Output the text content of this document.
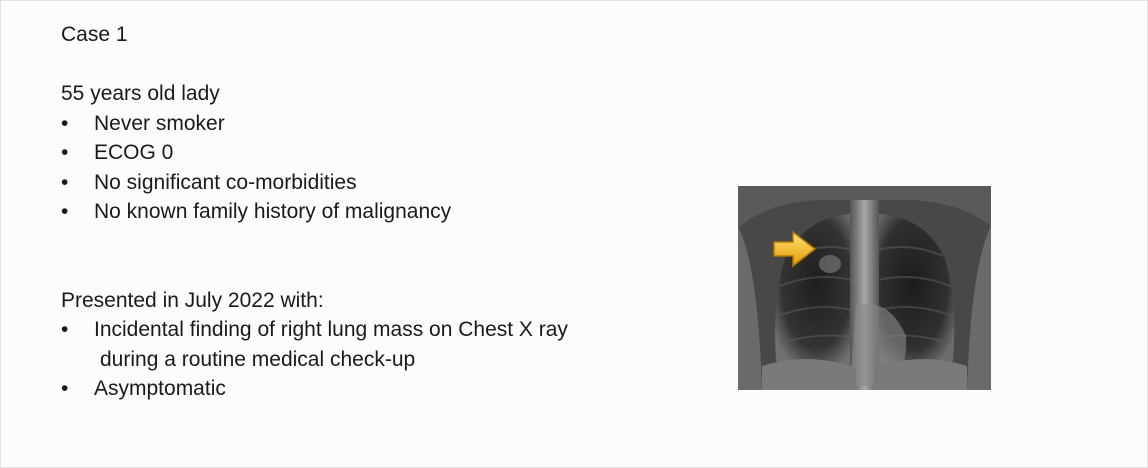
Case 1
55 years old lady
• Never smoker
• ECOG 0
• No significant co-morbidities
• No known family history of malignancy
Presented in July 2022 with:
• Incidental finding of right lung mass on Chest X ray
during a routine medical check-up
• Asymptomatic
